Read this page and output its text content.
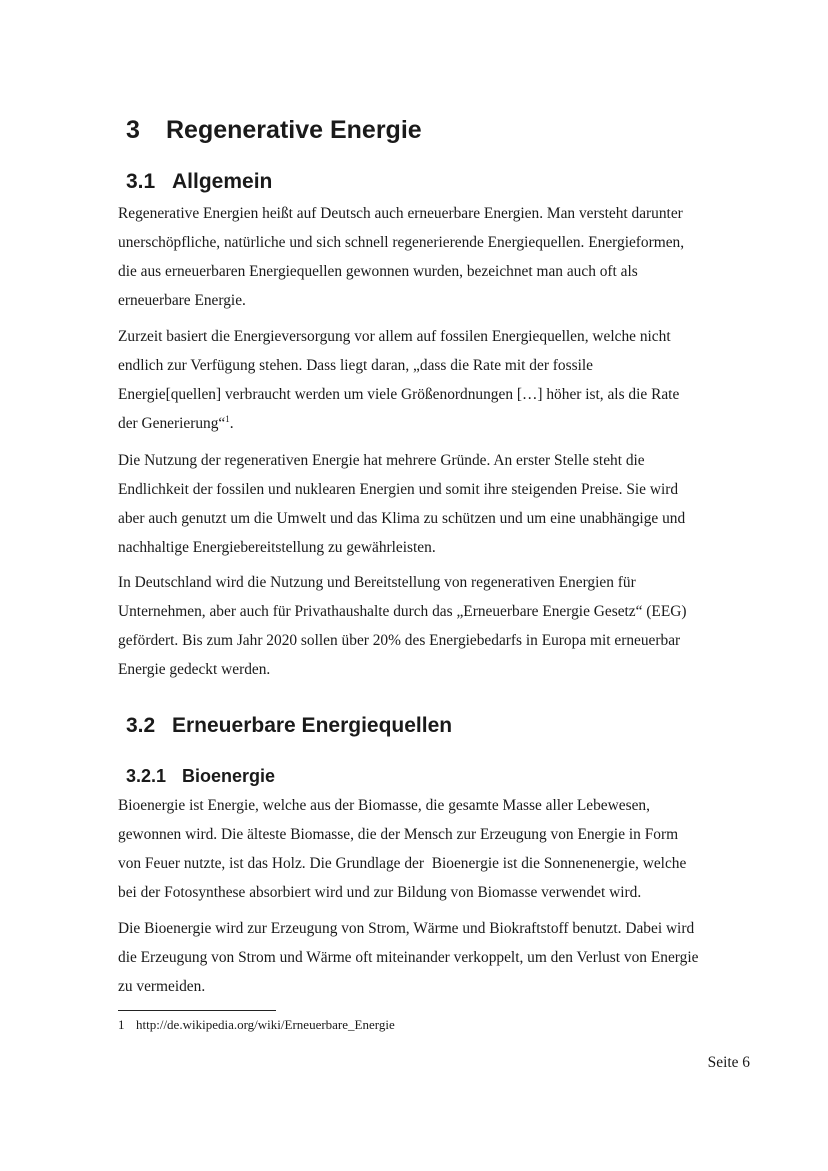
3 Regenerative Energie
3.1 Allgemein

Regenerative Energien heißt auf Deutsch auch erneuerbare Energien. Man versteht darunter
unerschöpfliche, natürliche und sich schnell regenerierende Energiequellen. Energieformen,
die aus erneuerbaren Energiequellen gewonnen wurden, bezeichnet man auch oft als
erneuerbare Energie.

Zurzeit basiert die Energieversorgung vor allem auf fossilen Energiequellen, welche nicht
endlich zur Verfügung stehen. Dass liegt daran, „dass die Rate mit der fossile
Energie[quellen] verbraucht werden um viele Größenordnungen […] höher ist, als die Rate
der Generierung“$^1$.

Die Nutzung der regenerativen Energie hat mehrere Gründe. An erster Stelle steht die
Endlichkeit der fossilen und nuklearen Energien und somit ihre steigenden Preise. Sie wird
aber auch genutzt um die Umwelt und das Klima zu schützen und um eine unabhängige und
nachhaltige Energiebereitstellung zu gewährleisten.

In Deutschland wird die Nutzung und Bereitstellung von regenerativen Energien für
Unternehmen, aber auch für Privathaushalte durch das „Erneuerbare Energie Gesetz“ (EEG)
gefördert. Bis zum Jahr 2020 sollen über 20% des Energiebedarfs in Europa mit erneuerbar
Energie gedeckt werden.

3.2 Erneuerbare Energiequellen
3.2.1 Bioenergie

Bioenergie ist Energie, welche aus der Biomasse, die gesamte Masse aller Lebewesen,
gewonnen wird. Die älteste Biomasse, die der Mensch zur Erzeugung von Energie in Form
von Feuer nutzte, ist das Holz. Die Grundlage der  Bioenergie ist die Sonnenenergie, welche
bei der Fotosynthese absorbiert wird und zur Bildung von Biomasse verwendet wird.

Die Bioenergie wird zur Erzeugung von Strom, Wärme und Biokraftstoff benutzt. Dabei wird
die Erzeugung von Strom und Wärme oft miteinander verkoppelt, um den Verlust von Energie
zu vermeiden.

1 http://de.wikipedia.org/wiki/Erneuerbare_Energie
Seite 6
